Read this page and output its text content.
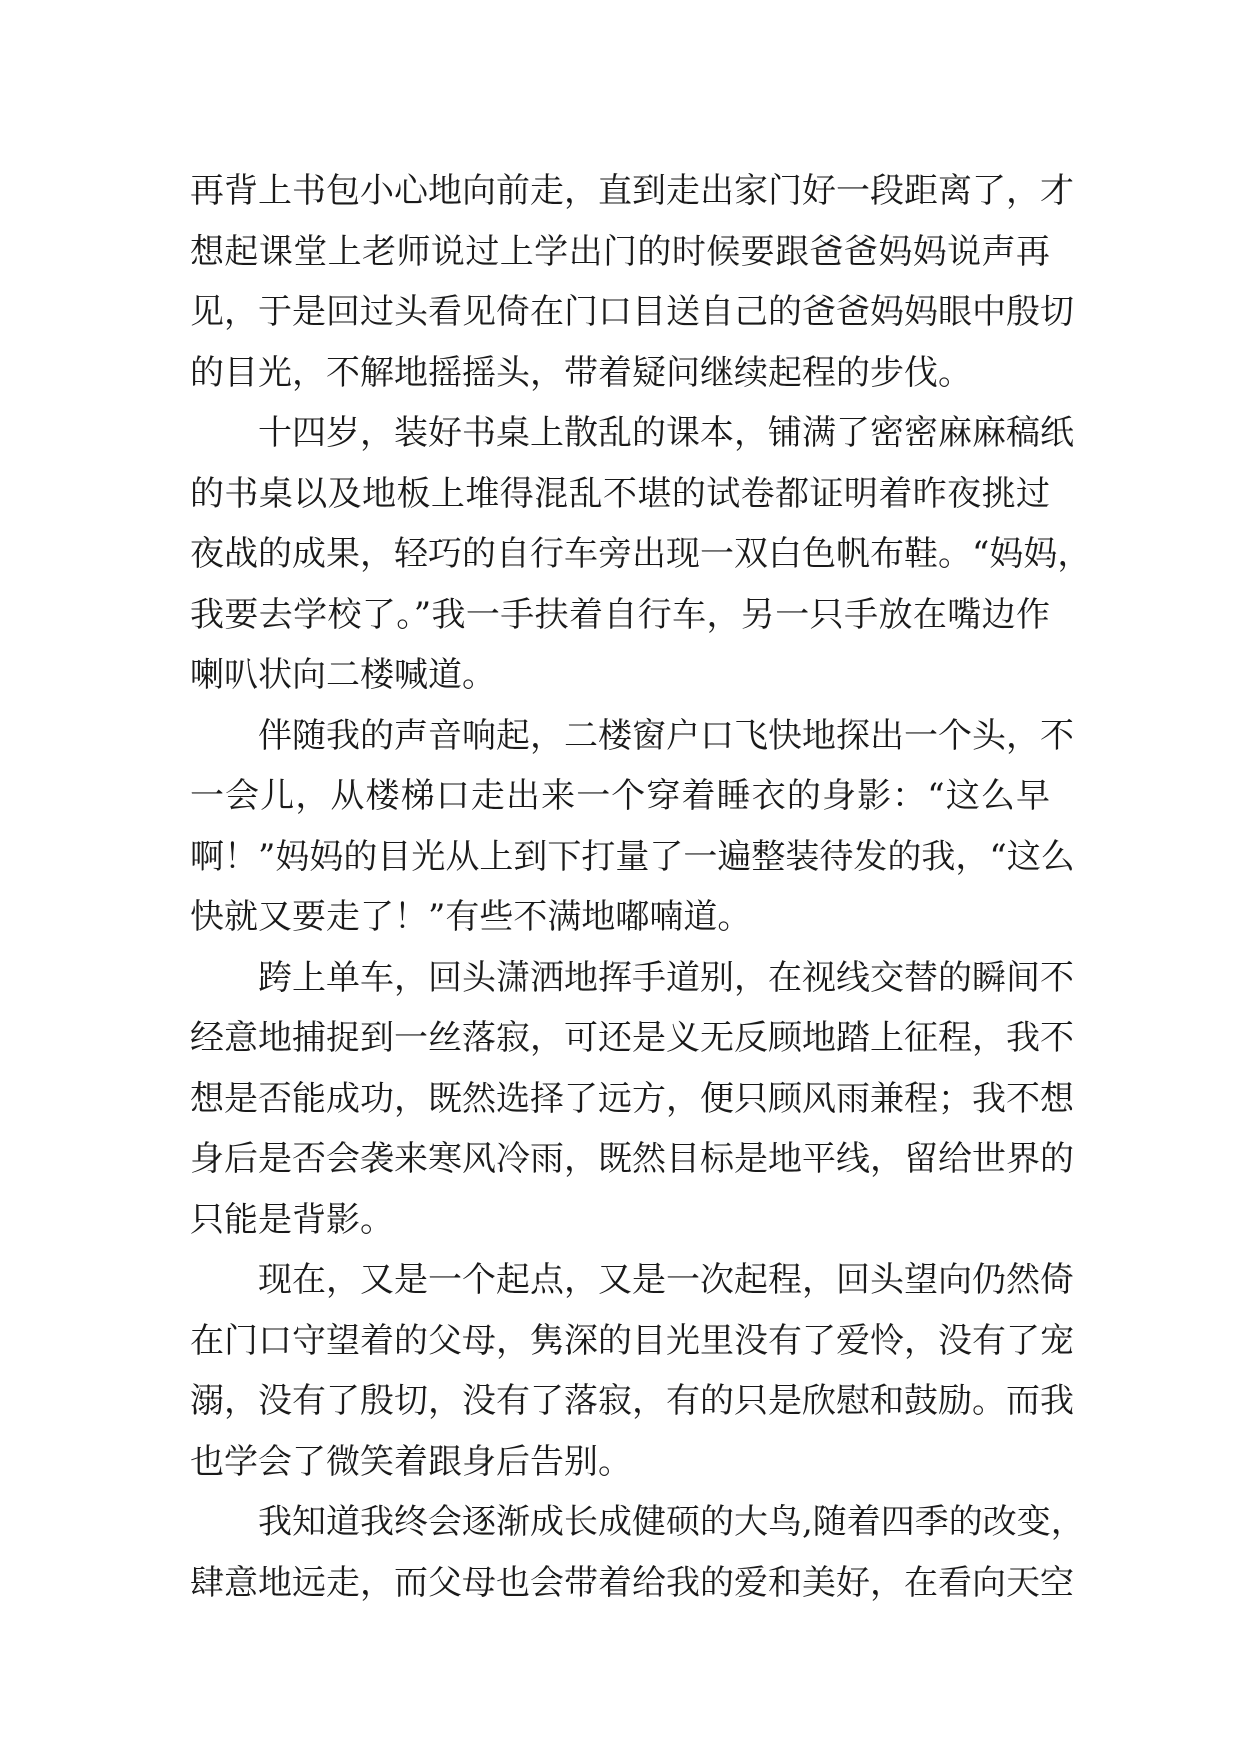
再背上书包小心地向前走，直到走出家门好一段距离了，才
想起课堂上老师说过上学出门的时候要跟爸爸妈妈说声再
见，于是回过头看见倚在门口目送自己的爸爸妈妈眼中殷切
的目光，不解地摇摇头，带着疑问继续起程的步伐。
十四岁，装好书桌上散乱的课本，铺满了密密麻麻稿纸
的书桌以及地板上堆得混乱不堪的试卷都证明着昨夜挑过
夜战的成果，轻巧的自行车旁出现一双白色帆布鞋。“妈妈，
我要去学校了。”我一手扶着自行车，另一只手放在嘴边作
喇叭状向二楼喊道。
伴随我的声音响起，二楼窗户口飞快地探出一个头，不
一会儿，从楼梯口走出来一个穿着睡衣的身影：“这么早
啊！”妈妈的目光从上到下打量了一遍整装待发的我，“这么
快就又要走了！”有些不满地嘟喃道。
跨上单车，回头潇洒地挥手道别，在视线交替的瞬间不
经意地捕捉到一丝落寂，可还是义无反顾地踏上征程，我不
想是否能成功，既然选择了远方，便只顾风雨兼程；我不想
身后是否会袭来寒风冷雨，既然目标是地平线，留给世界的
只能是背影。
现在，又是一个起点，又是一次起程，回头望向仍然倚
在门口守望着的父母，隽深的目光里没有了爱怜，没有了宠
溺，没有了殷切，没有了落寂，有的只是欣慰和鼓励。而我
也学会了微笑着跟身后告别。
我知道我终会逐渐成长成健硕的大鸟,随着四季的改变，
肆意地远走，而父母也会带着给我的爱和美好，在看向天空
